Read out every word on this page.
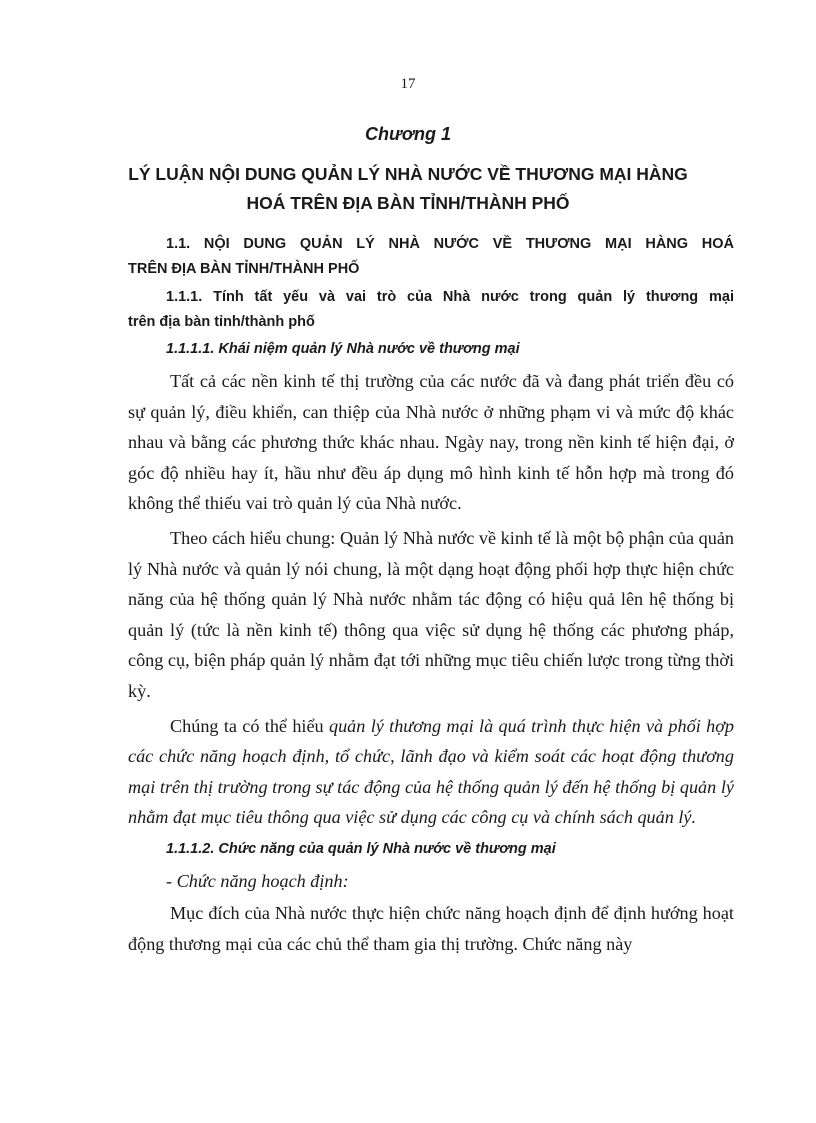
17
Chương 1
LÝ LUẬN NỘI DUNG QUẢN LÝ NHÀ NƯỚC VỀ THƯƠNG MẠI HÀNG HOÁ TRÊN ĐỊA BÀN TỈNH/THÀNH PHỐ

1.1. NỘI DUNG QUẢN LÝ NHÀ NƯỚC VỀ THƯƠNG MẠI HÀNG HOÁ

TRÊN ĐỊA BÀN TỈNH/THÀNH PHỐ

1.1.1. Tính tất yếu và vai trò của Nhà nước trong quản lý thương mại

trên địa bàn tỉnh/thành phố

1.1.1.1. Khái niệm quản lý Nhà nước về thương mại

Tất cả các nền kinh tế thị trường của các nước đã và đang phát triển đều có sự quản lý, điều khiển, can thiệp của Nhà nước ở những phạm vi và mức độ khác nhau và bằng các phương thức khác nhau. Ngày nay, trong nền kinh tế hiện đại, ở góc độ nhiều hay ít, hầu như đều áp dụng mô hình kinh tế hỗn hợp mà trong đó không thể thiếu vai trò quản lý của Nhà nước.

Theo cách hiểu chung: Quản lý Nhà nước về kinh tế là một bộ phận của quản lý Nhà nước và quản lý nói chung, là một dạng hoạt động phối hợp thực hiện chức năng của hệ thống quản lý Nhà nước nhằm tác động có hiệu quả lên hệ thống bị quản lý (tức là nền kinh tế) thông qua việc sử dụng hệ thống các phương pháp, công cụ, biện pháp quản lý nhằm đạt tới những mục tiêu chiến lược trong từng thời kỳ.

Chúng ta có thể hiểu quản lý thương mại là quá trình thực hiện và phối hợp các chức năng hoạch định, tổ chức, lãnh đạo và kiểm soát các hoạt động thương mại trên thị trường trong sự tác động của hệ thống quản lý đến hệ thống bị quản lý nhằm đạt mục tiêu thông qua việc sử dụng các công cụ và chính sách quản lý.

1.1.1.2. Chức năng của quản lý Nhà nước về thương mại

- Chức năng hoạch định:

Mục đích của Nhà nước thực hiện chức năng hoạch định để định hướng hoạt động thương mại của các chủ thể tham gia thị trường. Chức năng này
